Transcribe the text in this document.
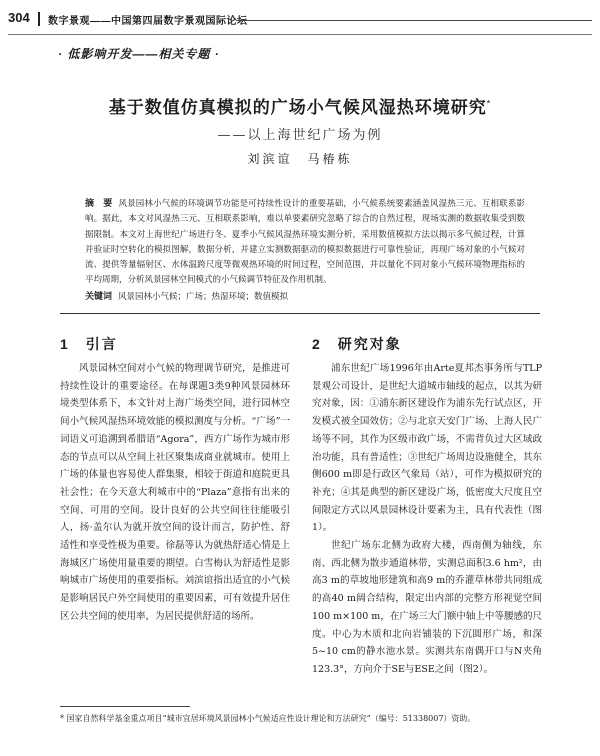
304 数字景观——中国第四届数字景观国际论坛
· 低影响开发——相关专题 ·
基于数值仿真模拟的广场小气候风湿热环境研究*
——以上海世纪广场为例
刘滨谊　马椿栋
摘　要 风景园林小气候的环境调节功能是可持续性设计的重要基础，小气候系统要素涵盖风湿热三元、互相联系影响。据此，本文对风湿热三元、互相联系影响，难以单要素研究忽略了综合的自然过程，现场实测的数据收集受到数据限制。本文对上海世纪广场进行冬、夏季小气候风湿热环境实测分析，采用数值模拟方法以揭示多气候过程，计算并验证时空转化的模拟图解，数据分析，并建立实测数据驱动的模拟数据进行可靠性验证，再现广场对象的小气候对流、提供等量辐射区、水体温跨尺度等微观热环境的时间过程，空间范围，并以量化不同对象小气候环境物理指标的平均周期，分析风景园林空间模式的小气候调节特征及作用机制。
关键词 风景园林小气候；广场；热湿环境；数值模拟
1　 引言	2　 研究对象

风景园林空间对小气候的物理调节研究，是推进可持续性设计的重要途径。在每课题3类9种风景园林环境类型体系下，本文针对上海广场类空间，进行园林空间小气候风湿热环境效能的模拟测度与分析。“广场”一词语义可追溯到希腊语“Agora”，西方广场作为城市形态的节点可以从空间上社区聚集成商业就城市。使用上广场的体量也容易使人群集聚，相较于街道和庭院更具社会性；在今天意大利城市中的“Plaza”意指有出来的空间、可用的空间。设计良好的公共空间往往能吸引人，扬·盖尔认为就开放空间的设计而言，防护性、舒适性和享受性极为重要。徐磊等认为就热舒适心情是上海城区广场使用量重要的期望。白雪梅认为舒适性是影响城市广场使用的重要指标。刘滨谊指出适宜的小气候是影响居民户外空间使用的重要因素，可有效提升居住区公共空间的使用率，为居民提供舒适的场所。

浦东世纪广场1996年由Arte夏邦杰事务所与TLP景观公司设计，是世纪大道城市轴线的起点，以其为研究对象，因：①浦东新区建设作为浦东先行试点区，开发模式被全国效仿；②与北京天安门广场、上海人民广场等不同，其作为区级市政广场，不需背负过大区域政治功能，具有普适性；③世纪广场周边设施健全，其东侧600 m即是行政区气象局（站），可作为模拟研究的补充；④其是典型的新区建设广场，低密度大尺度且空间限定方式以风景园林设计要素为主，具有代表性（图1）。

世纪广场东北侧为政府大楼，西南侧为轴线，东南、西北侧为散步通道林带，实测总面积3.6 hm²，由高3 m的草坡地形建筑和高9 m的乔灌草林带共同组成的高40 m阔合结构，限定出内部的完整方形视觉空间100 m×100 m，在广场三大门额中轴上中等腰感的尺度。中心为木质和北向岩铺装的下沉圆形广场，和深5~10 cm的静水池水景。实测共东南偶开口与N夹角123.3°，方向介于SE与ESE之间（图2）。

* 国家自然科学基金重点项目“城市宜居环境风景园林小气候适应性设计理论和方法研究”（编号：51338007）资助。
